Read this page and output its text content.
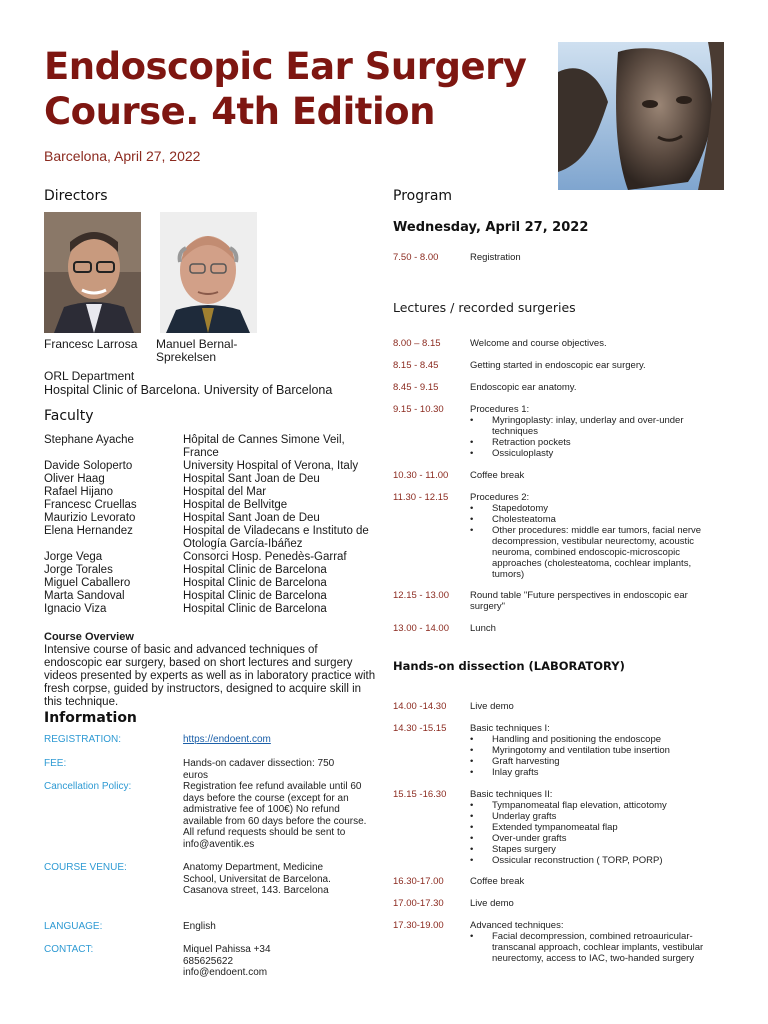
Endoscopic Ear Surgery
Course. 4th Edition
Barcelona, April 27, 2022
Directors
Francesc Larrosa	Manuel Bernal-Sprekelsen
ORL Department
Hospital Clinic of Barcelona. University of Barcelona
Faculty
Stephane Ayache	Hôpital de Cannes Simone Veil, France
Davide Soloperto	University Hospital of Verona, Italy
Oliver Haag	Hospital Sant Joan de Deu
Rafael Hijano	Hospital del Mar
Francesc Cruellas	Hospital de Bellvitge
Maurizio Levorato	Hospital Sant Joan de Deu
Elena Hernandez	Hospital de Viladecans e Instituto de Otología García-Ibáñez
Jorge Vega	Consorci Hosp. Penedès-Garraf
Jorge Torales	Hospital Clinic de Barcelona
Miguel Caballero	Hospital Clinic de Barcelona
Marta Sandoval	Hospital Clinic de Barcelona
Ignacio Viza	Hospital Clinic de Barcelona
Course Overview
Intensive course of basic and advanced techniques of endoscopic ear surgery, based on short lectures and surgery videos presented by experts as well as in laboratory practice with fresh corpse, guided by instructors, designed to acquire skill in this technique.
Information
REGISTRATION:	https://endoent.com
FEE:	Hands-on cadaver dissection: 750 euros
Cancellation Policy:	Registration fee refund available until 60 days before the course (except for an admistrative fee of 100€) No refund available from 60 days before the course. All refund requests should be sent to info@aventik.es
COURSE VENUE:	Anatomy Department, Medicine School, Universitat de Barcelona. Casanova street, 143. Barcelona
LANGUAGE:	English
CONTACT:	Miquel Pahissa +34 685625622 info@endoent.com
Program
Wednesday, April 27, 2022
7.50 - 8.00	Registration
Lectures / recorded surgeries
8.00 – 8.15	Welcome and course objectives.
8.15 - 8.45	Getting started in endoscopic ear surgery.
8.45 - 9.15	Endoscopic ear anatomy.
9.15 - 10.30	Procedures 1:
• Myringoplasty: inlay, underlay and over-under techniques
• Retraction pockets
• Ossiculoplasty
10.30 - 11.00	Coffee break
11.30 - 12.15	Procedures 2:
• Stapedotomy
• Cholesteatoma
• Other procedures: middle ear tumors, facial nerve decompression, vestibular neurectomy, acoustic neuroma, combined endoscopic-microscopic approaches (cholesteatoma, cochlear implants, tumors)
12.15 - 13.00	Round table "Future perspectives in endoscopic ear surgery"
13.00 - 14.00	Lunch
Hands-on dissection (LABORATORY)
14.00 -14.30	Live demo
14.30 -15.15	Basic techniques I:
• Handling and positioning the endoscope
• Myringotomy and ventilation tube insertion
• Graft harvesting
• Inlay grafts
15.15 -16.30	Basic techniques II:
• Tympanomeatal flap elevation, atticotomy
• Underlay grafts
• Extended tympanomeatal flap
• Over-under grafts
• Stapes surgery
• Ossicular reconstruction ( TORP, PORP)
16.30-17.00	Coffee break
17.00-17.30	Live demo
17.30-19.00	Advanced techniques:
• Facial decompression, combined retroauricular-transcanal approach, cochlear implants, vestibular neurectomy, access to IAC, two-handed surgery
